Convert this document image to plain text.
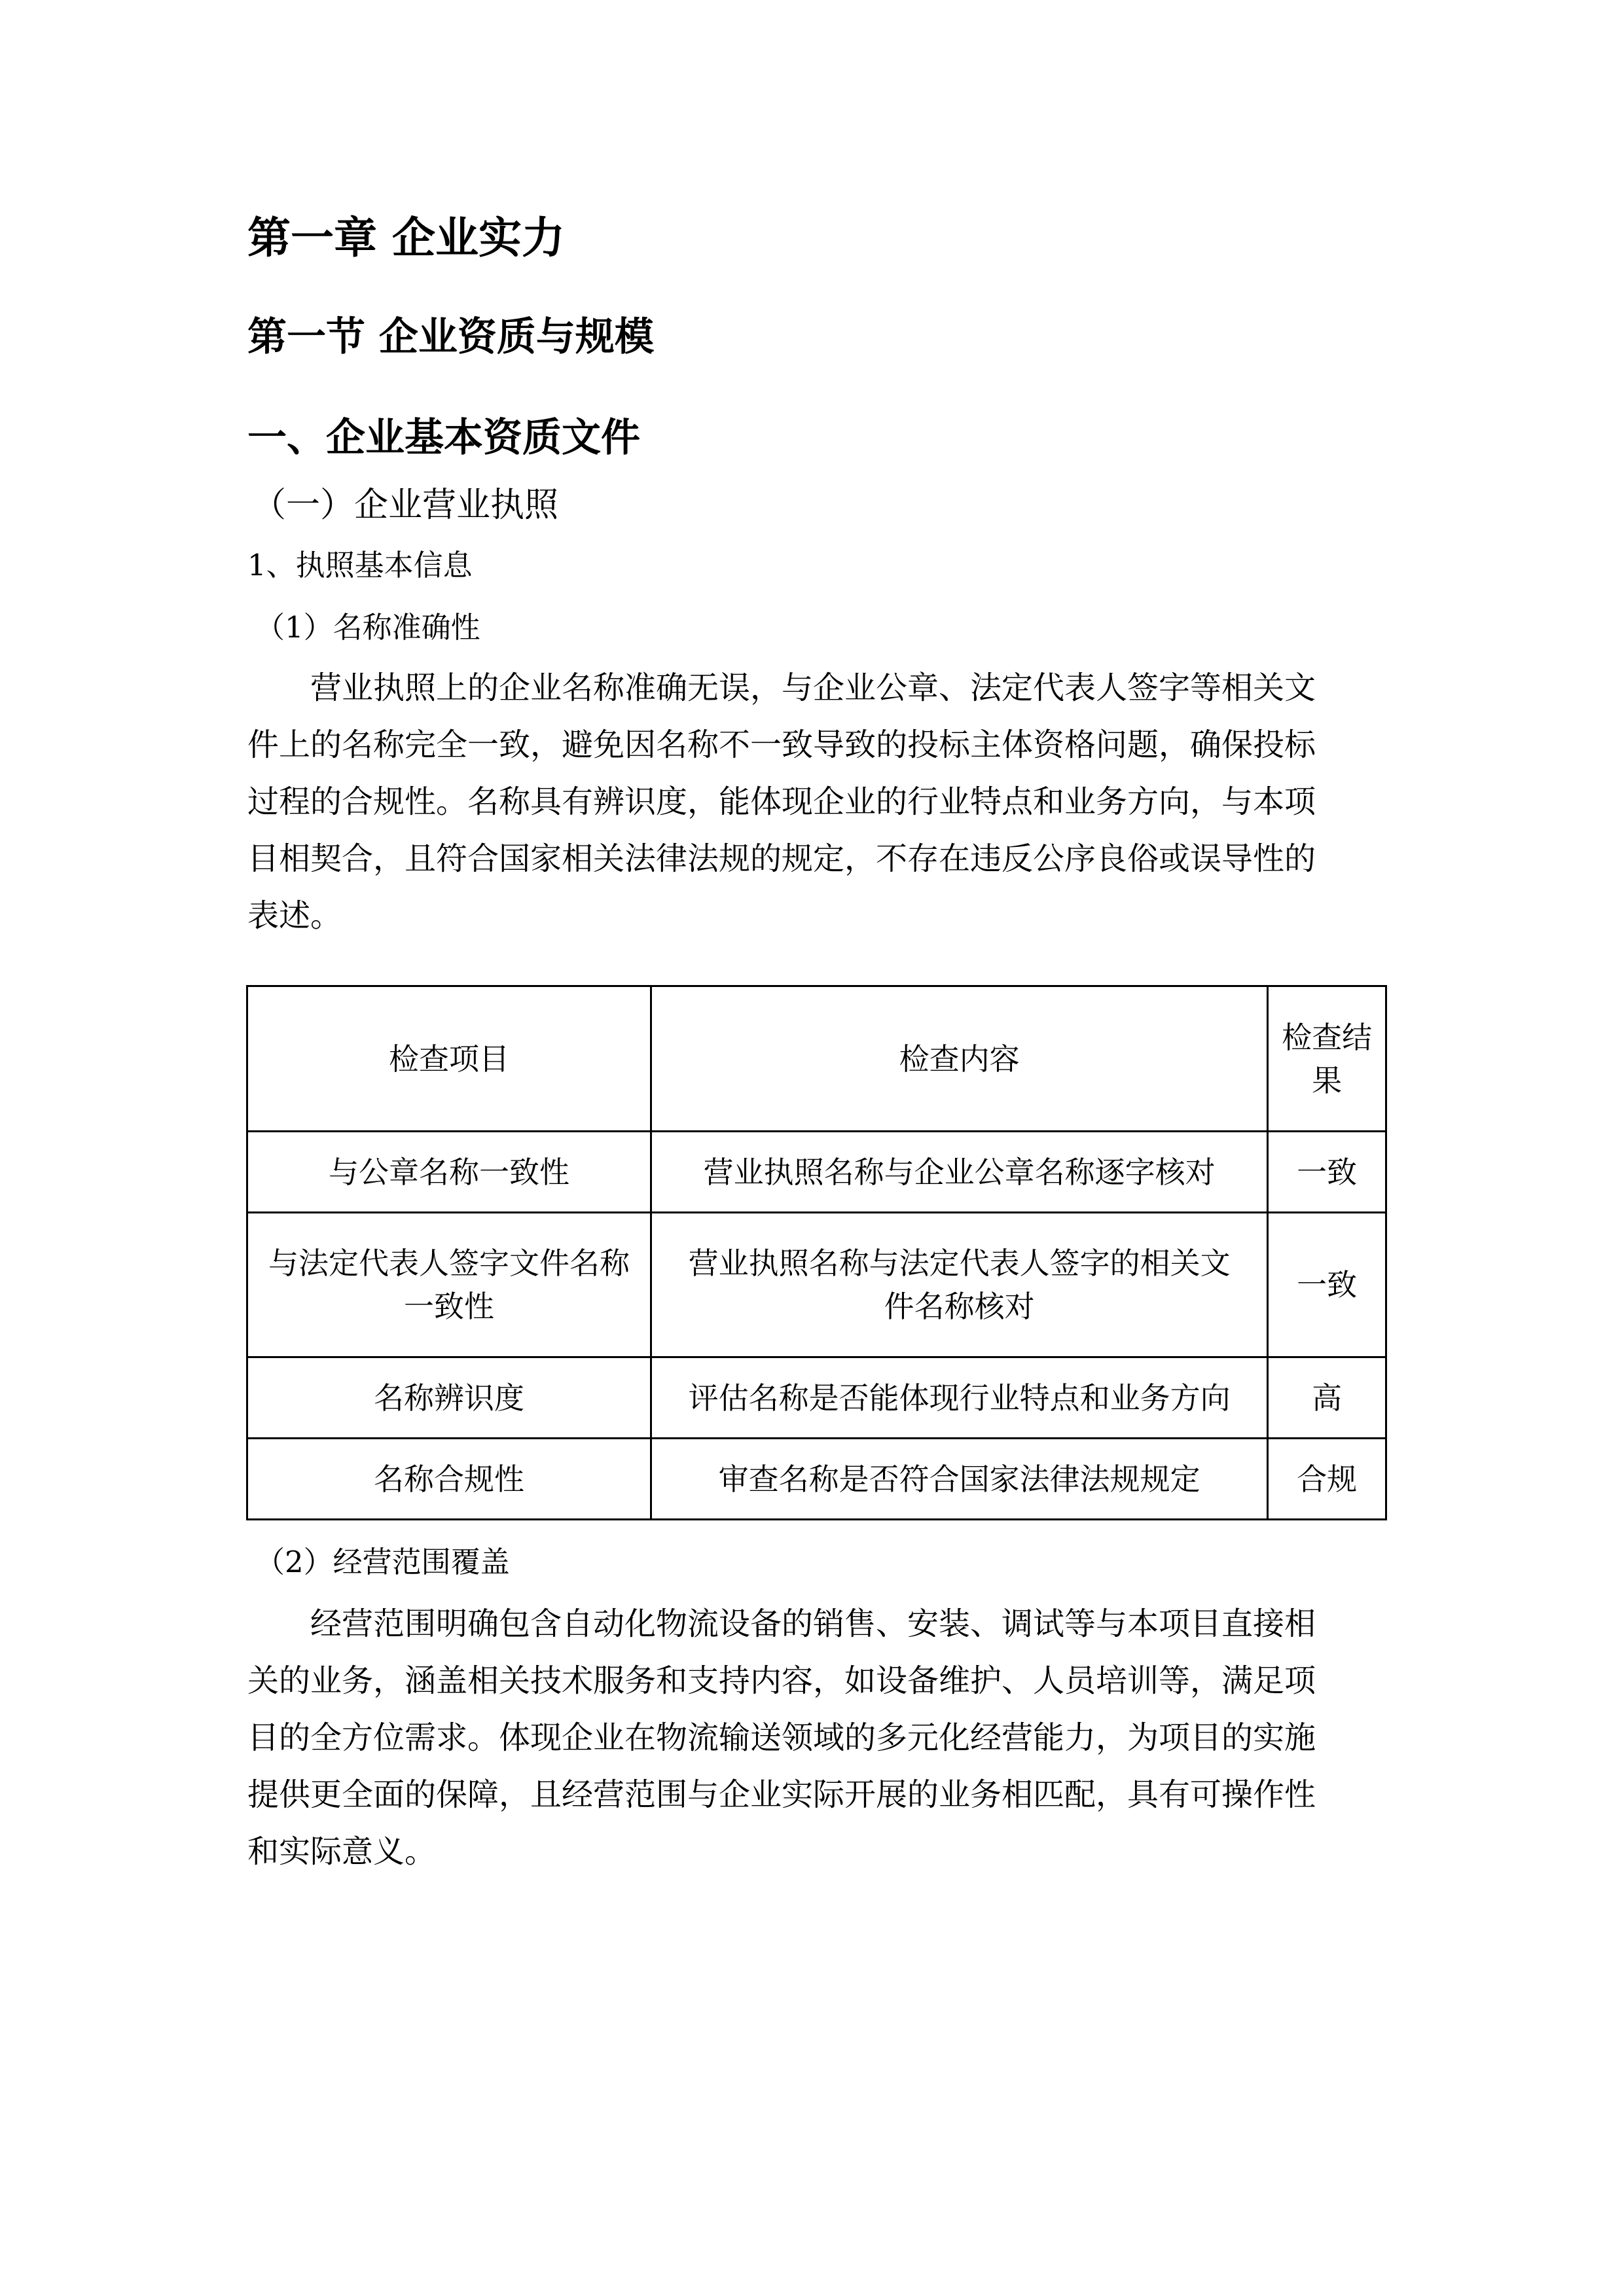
第一章 企业实力
第一节 企业资质与规模
一、企业基本资质文件
（一）企业营业执照
1、执照基本信息
（1）名称准确性
营业执照上的企业名称准确无误，与企业公章、法定代表人签字等相关文
件上的名称完全一致，避免因名称不一致导致的投标主体资格问题，确保投标
过程的合规性。名称具有辨识度，能体现企业的行业特点和业务方向，与本项
目相契合，且符合国家相关法律法规的规定，不存在违反公序良俗或误导性的
表述。
检查项目	检查内容	检查结
果

与公章名称一致性	营业执照名称与企业公章名称逐字核对	一致

与法定代表人签字文件名称
一致性	营业执照名称与法定代表人签字的相关文
件名称核对	一致

名称辨识度	评估名称是否能体现行业特点和业务方向	高

名称合规性	审查名称是否符合国家法律法规规定	合规
（2）经营范围覆盖
经营范围明确包含自动化物流设备的销售、安装、调试等与本项目直接相
关的业务，涵盖相关技术服务和支持内容，如设备维护、人员培训等，满足项
目的全方位需求。体现企业在物流输送领域的多元化经营能力，为项目的实施
提供更全面的保障，且经营范围与企业实际开展的业务相匹配，具有可操作性
和实际意义。
